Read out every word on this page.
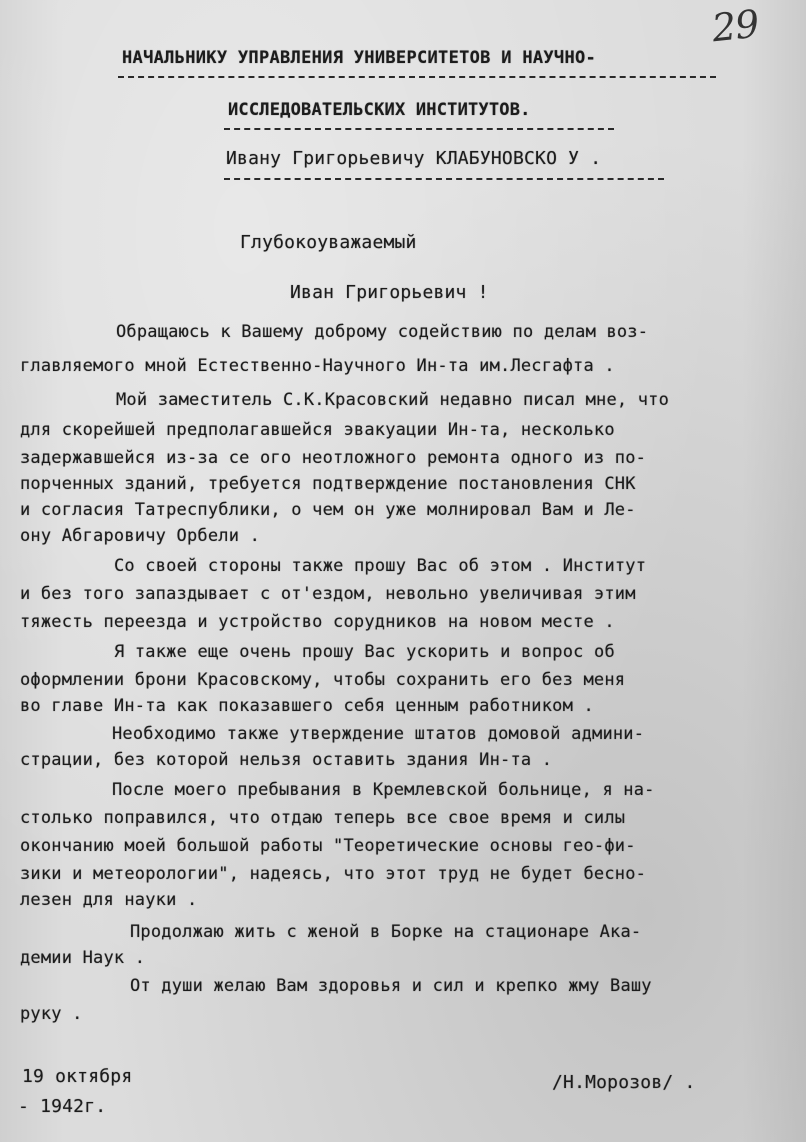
29
НАЧАЛЬНИКУ УПРАВЛЕНИЯ УНИВЕРСИТЕТОВ И НАУЧНО-
ИССЛЕДОВАТЕЛЬСКИХ ИНСТИТУТОВ.
Ивану Григорьевичу КЛАБУНОВСКО У .
Глубокоуважаемый
Иван Григорьевич !
Обращаюсь к Вашему доброму содействию по делам воз-
главляемого мной Естественно-Научного Ин-та им.Лесгафта .
Мой заместитель С.К.Красовский недавно писал мне, что
для скорейшей предполагавшейся эвакуации Ин-та, несколько
задержавшейся из-за се ого неотложного ремонта одного из по-
порченных зданий, требуется подтверждение постановления СНК
и согласия Татреспублики, о чем он уже молнировал Вам и Ле-
ону Абгаровичу Орбели .
Со своей стороны также прошу Вас об этом . Институт
и без того запаздывает с от'ездом, невольно увеличивая этим
тяжесть переезда и устройство сорудников на новом месте .
Я также еще очень прошу Вас ускорить и вопрос об
оформлении брони Красовскому, чтобы сохранить его без меня
во главе Ин-та как показавшего себя ценным работником .
Необходимо также утверждение штатов домовой админи-
страции, без которой нельзя оставить здания Ин-та .
После моего пребывания в Кремлевской больнице, я на-
столько поправился, что отдаю теперь все свое время и силы
окончанию моей большой работы "Теоретические основы гео-фи-
зики и метеорологии", надеясь, что этот труд не будет бесно-
лезен для науки .
Продолжаю жить с женой в Борке на стационаре Ака-
демии Наук .
От души желаю Вам здоровья и сил и крепко жму Вашу
руку .
19 октября
- 1942г.
/Н.Морозов/ .
